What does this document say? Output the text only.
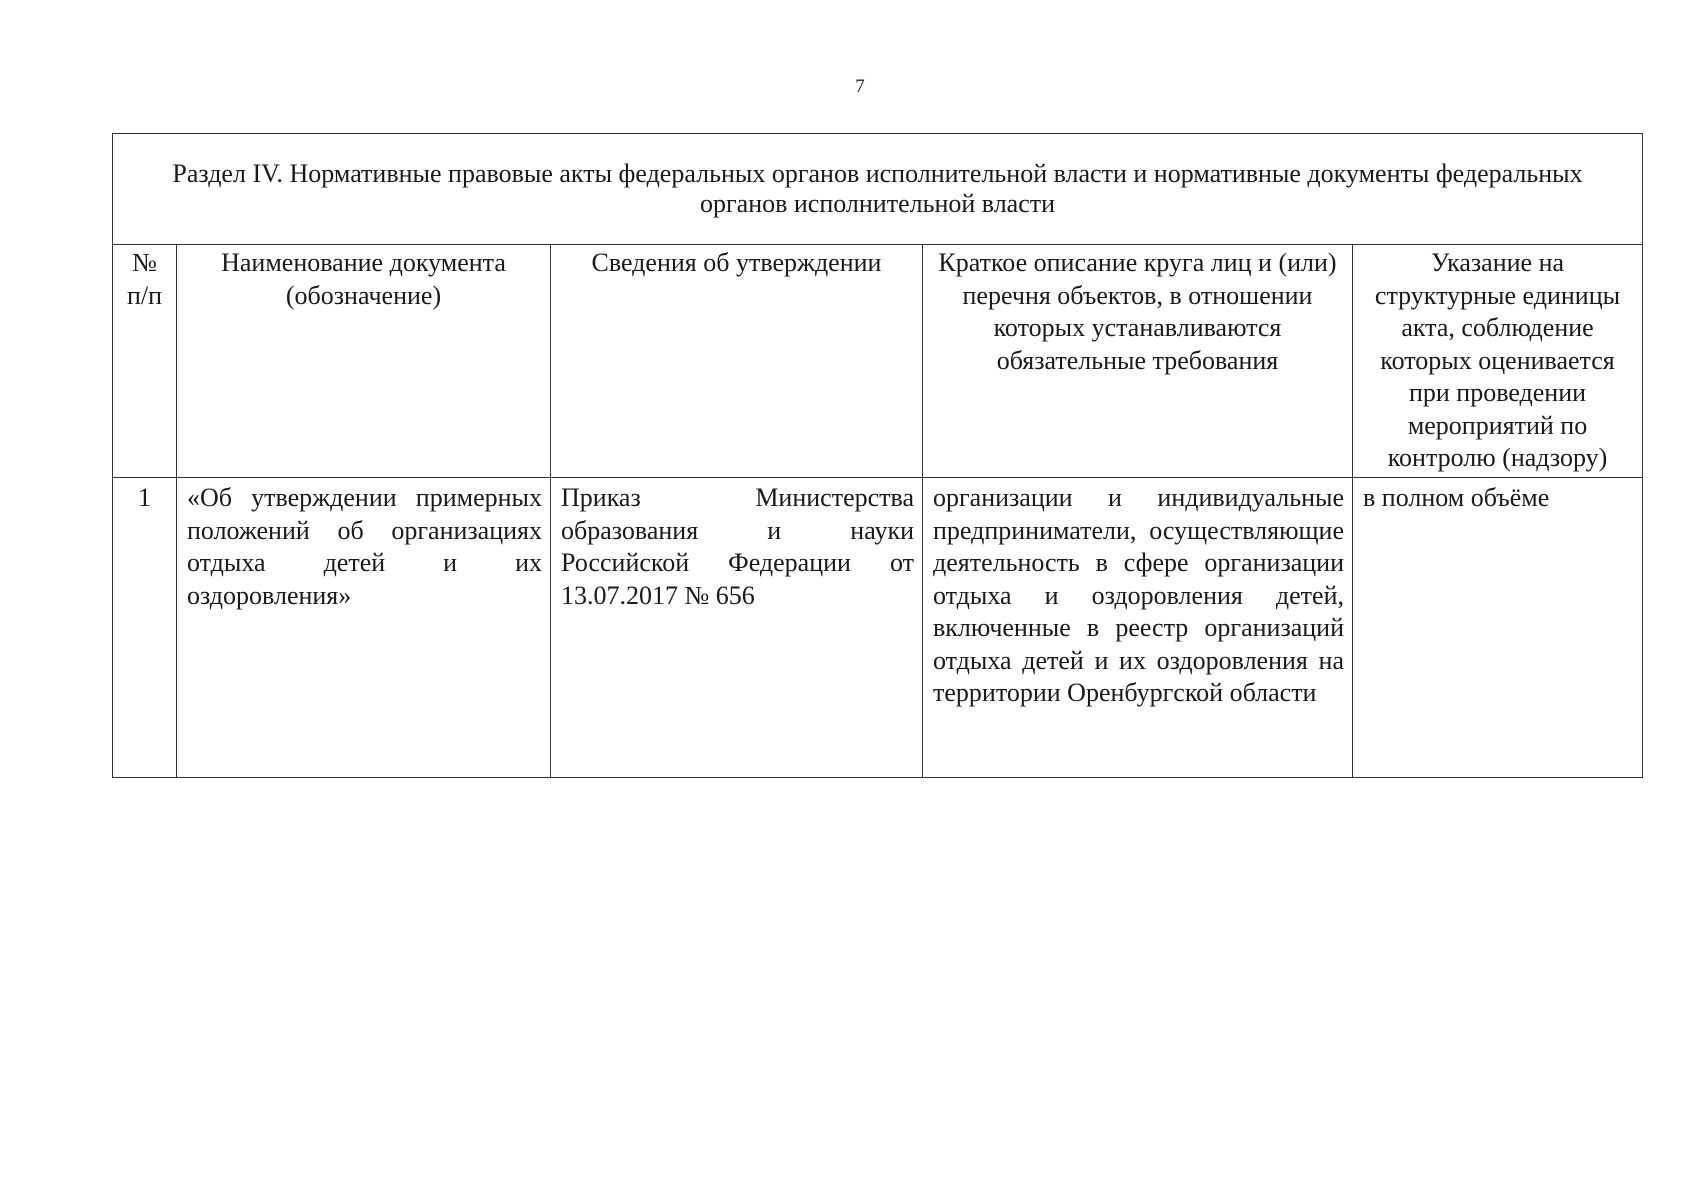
7
Раздел IV. Нормативные правовые акты федеральных органов исполнительной власти и нормативные документы федеральных органов исполнительной власти				

№ п/п	Наименование документа (обозначение)	Сведения об утверждении	Краткое описание круга лиц и (или) перечня объектов, в отношении которых устанавливаются обязательные требования	Указание на структурные единицы акта, соблюдение которых оценивается при проведении мероприятий по контролю (надзору)
1	«Об утверждении примерных положений об организациях отдыха детей и их оздоровления»	Приказ Министерства образования и науки Российской Федерации от 13.07.2017 № 656	организации и индивидуальные предприниматели, осуществляющие деятельность в сфере организации отдыха и оздоровления детей, включенные в реестр организаций отдыха детей и их оздоровления на территории Оренбургской области	в полном объёме
